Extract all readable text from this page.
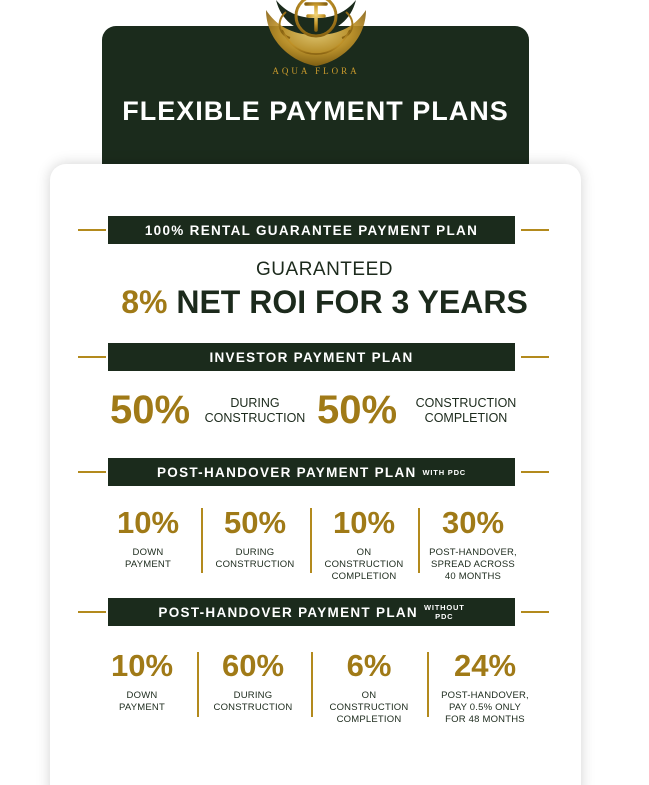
AQUA FLORA
FLEXIBLE PAYMENT PLANS
100% RENTAL GUARANTEE PAYMENT PLAN
GUARANTEED
8% NET ROI FOR 3 YEARS
INVESTOR PAYMENT PLAN
50%	DURING
CONSTRUCTION 50%	CONSTRUCTION
COMPLETION
POST-HANDOVER PAYMENT PLAN WITH PDC
10%
DOWN
PAYMENT
50%
DURING
CONSTRUCTION
10%
ON
CONSTRUCTION
COMPLETION
30%
POST-HANDOVER,
SPREAD ACROSS
40 MONTHS
POST-HANDOVER PAYMENT PLAN WITHOUT
PDC
10%
DOWN
PAYMENT
60%
DURING
CONSTRUCTION
6%
ON
CONSTRUCTION
COMPLETION
24%
POST-HANDOVER,
PAY 0.5% ONLY
FOR 48 MONTHS
